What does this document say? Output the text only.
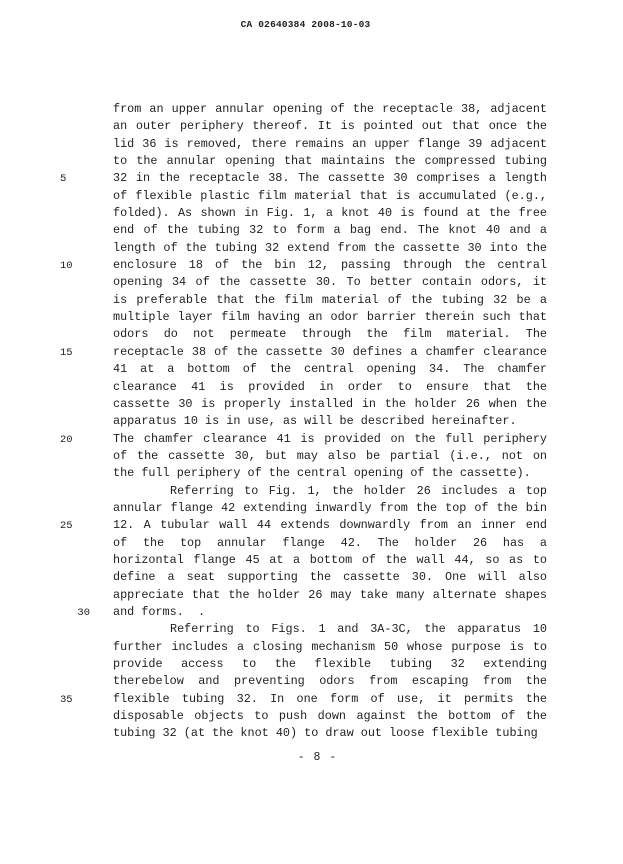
CA 02640384 2008-10-03
from an upper annular opening of the receptacle 38, adjacent
an outer periphery thereof. It is pointed out that once the
lid 36 is removed, there remains an upper flange 39 adjacent
to the annular opening that maintains the compressed tubing
5	32 in the receptacle 38. The cassette 30 comprises a length
of flexible plastic film material that is accumulated (e.g.,
folded). As shown in Fig. 1, a knot 40 is found at the free
end of the tubing 32 to form a bag end. The knot 40 and a
length of the tubing 32 extend from the cassette 30 into the
10	enclosure 18 of the bin 12, passing through the central
opening 34 of the cassette 30. To better contain odors, it
is preferable that the film material of the tubing 32 be a
multiple layer film having an odor barrier therein such that
odors do not permeate through the film material. The
15	receptacle 38 of the cassette 30 defines a chamfer clearance
41 at a bottom of the central opening 34. The chamfer
clearance 41 is provided in order to ensure that the
cassette 30 is properly installed in the holder 26 when the
apparatus 10 is in use, as will be described hereinafter.
20	The chamfer clearance 41 is provided on the full periphery
of the cassette 30, but may also be partial (i.e., not on
the full periphery of the central opening of the cassette).
Referring to Fig. 1, the holder 26 includes a top
annular flange 42 extending inwardly from the top of the bin
25	12. A tubular wall 44 extends downwardly from an inner end
of the top annular flange 42. The holder 26 has a
horizontal flange 45 at a bottom of the wall 44, so as to
define a seat supporting the cassette 30. One will also
appreciate that the holder 26 may take many alternate shapes
30 and forms.  .
Referring to Figs. 1 and 3A-3C, the apparatus 10
further includes a closing mechanism 50 whose purpose is to
provide access to the flexible tubing 32 extending
therebelow and preventing odors from escaping from the
35	flexible tubing 32. In one form of use, it permits the
disposable objects to push down against the bottom of the
tubing 32 (at the knot 40) to draw out loose flexible tubing
- 8 -
